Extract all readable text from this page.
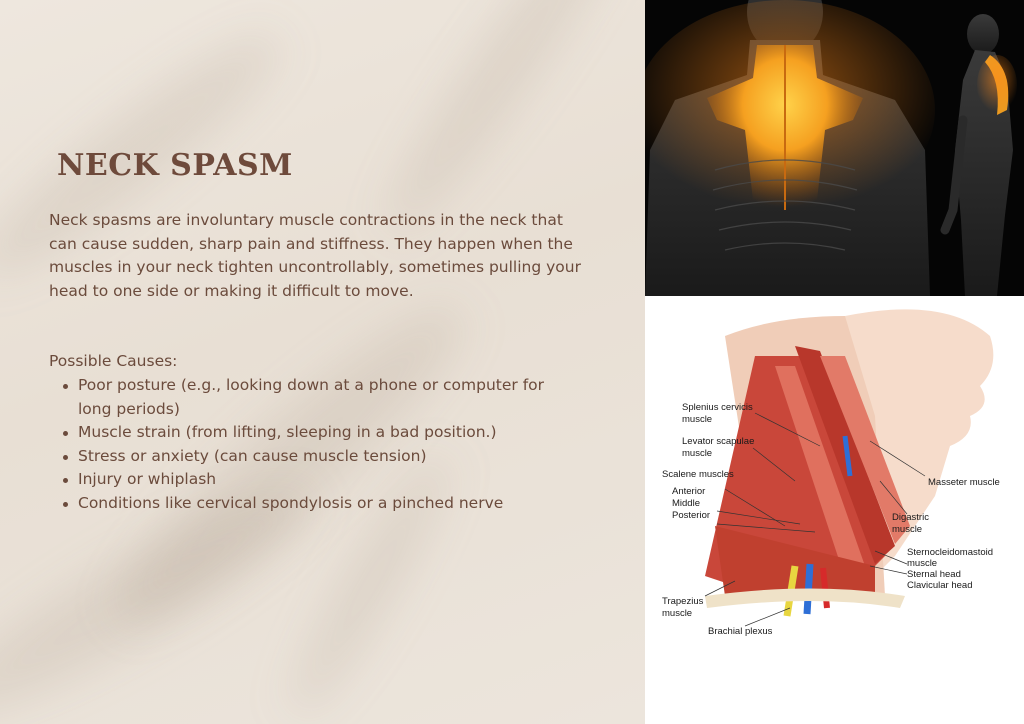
NECK SPASM

Neck spasms are involuntary muscle contractions in the neck that can cause sudden, sharp pain and stiffness. They happen when the muscles in your neck tighten uncontrollably, sometimes pulling your head to one side or making it difficult to move.

Possible Causes:

Poor posture (e.g., looking down at a phone or computer for long periods)
Muscle strain (from lifting, sleeping in a bad position.)
Stress or anxiety (can cause muscle tension)
Injury or whiplash
Conditions like cervical spondylosis or a pinched nerve
Splenius cervicis
muscle
Levator scapulae
muscle
Scalene muscles
Anterior
Middle
Posterior
Trapezius
muscle
Brachial plexus
Masseter muscle
Digastric
muscle
Sternocleidomastoid
muscle
Sternal head
Clavicular head
